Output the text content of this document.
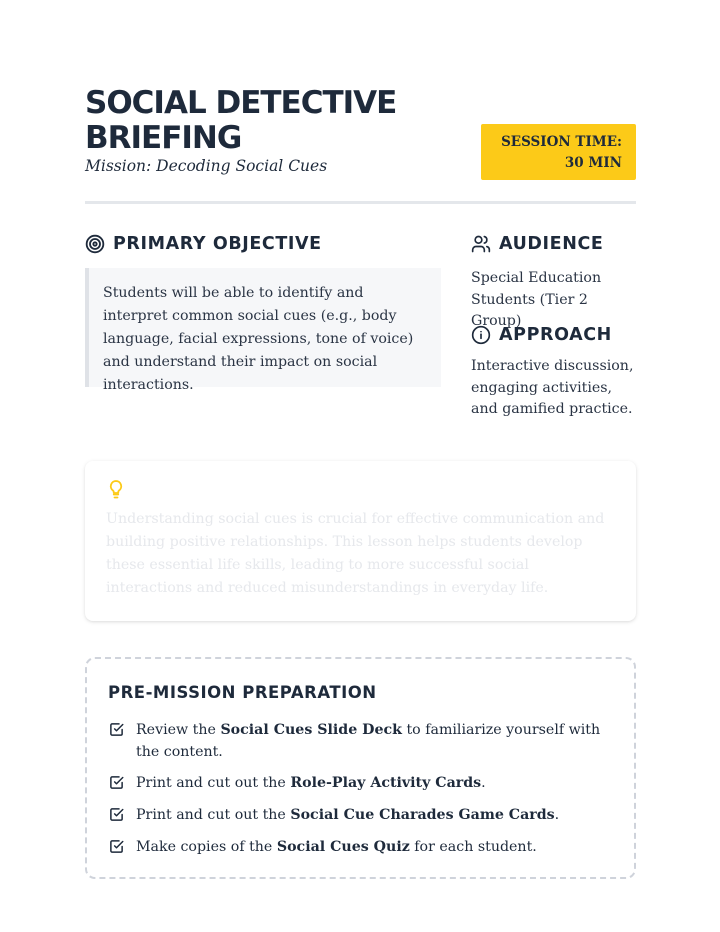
SOCIAL DETECTIVE BRIEFING
Mission: Decoding Social Cues
SESSION TIME: 30 MIN
PRIMARY OBJECTIVE
Students will be able to identify and interpret common social cues (e.g., body language, facial expressions, tone of voice) and understand their impact on social interactions.
AUDIENCE
Special Education Students (Tier 2 Group)
APPROACH
Interactive discussion, engaging activities, and gamified practice.
Understanding social cues is crucial for effective communication and building positive relationships. This lesson helps students develop these essential life skills, leading to more successful social interactions and reduced misunderstandings in everyday life.
PRE-MISSION PREPARATION
Review the Social Cues Slide Deck to familiarize yourself with the content.
Print and cut out the Role-Play Activity Cards.
Print and cut out the Social Cue Charades Game Cards.
Make copies of the Social Cues Quiz for each student.
